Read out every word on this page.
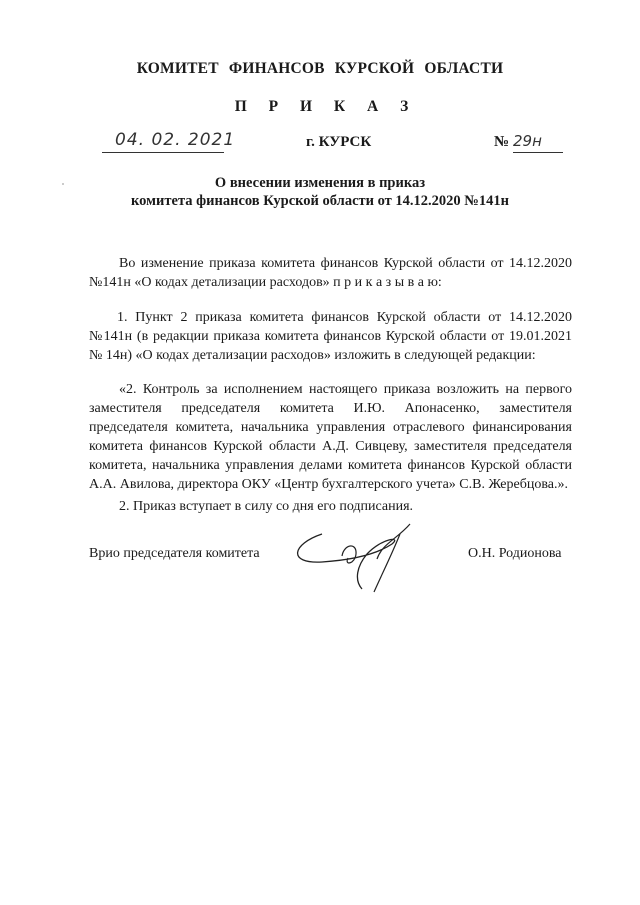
КОМИТЕТ ФИНАНСОВ КУРСКОЙ ОБЛАСТИ
П Р И К А З
04. 02. 2021	г. КУРСК	№ 29н
О внесении изменения в приказ
комитета финансов Курской области от 14.12.2020 №141н
Во изменение приказа комитета финансов Курской области от 14.12.2020 №141н «О кодах детализации расходов» п р и к а з ы в а ю:
1. Пункт 2 приказа комитета финансов Курской области от 14.12.2020 №141н (в редакции приказа комитета финансов Курской области от 19.01.2021 № 14н) «О кодах детализации расходов» изложить в следующей редакции:
«2. Контроль за исполнением настоящего приказа возложить на первого заместителя председателя комитета И.Ю. Апонасенко, заместителя председателя комитета, начальника управления отраслевого финансирования комитета финансов Курской области А.Д. Сивцеву, заместителя председателя комитета, начальника управления делами комитета финансов Курской области А.А. Авилова, директора ОКУ «Центр бухгалтерского учета» С.В. Жеребцова.».
2. Приказ вступает в силу со дня его подписания.
Врио председателя комитета	О.Н. Родионова
